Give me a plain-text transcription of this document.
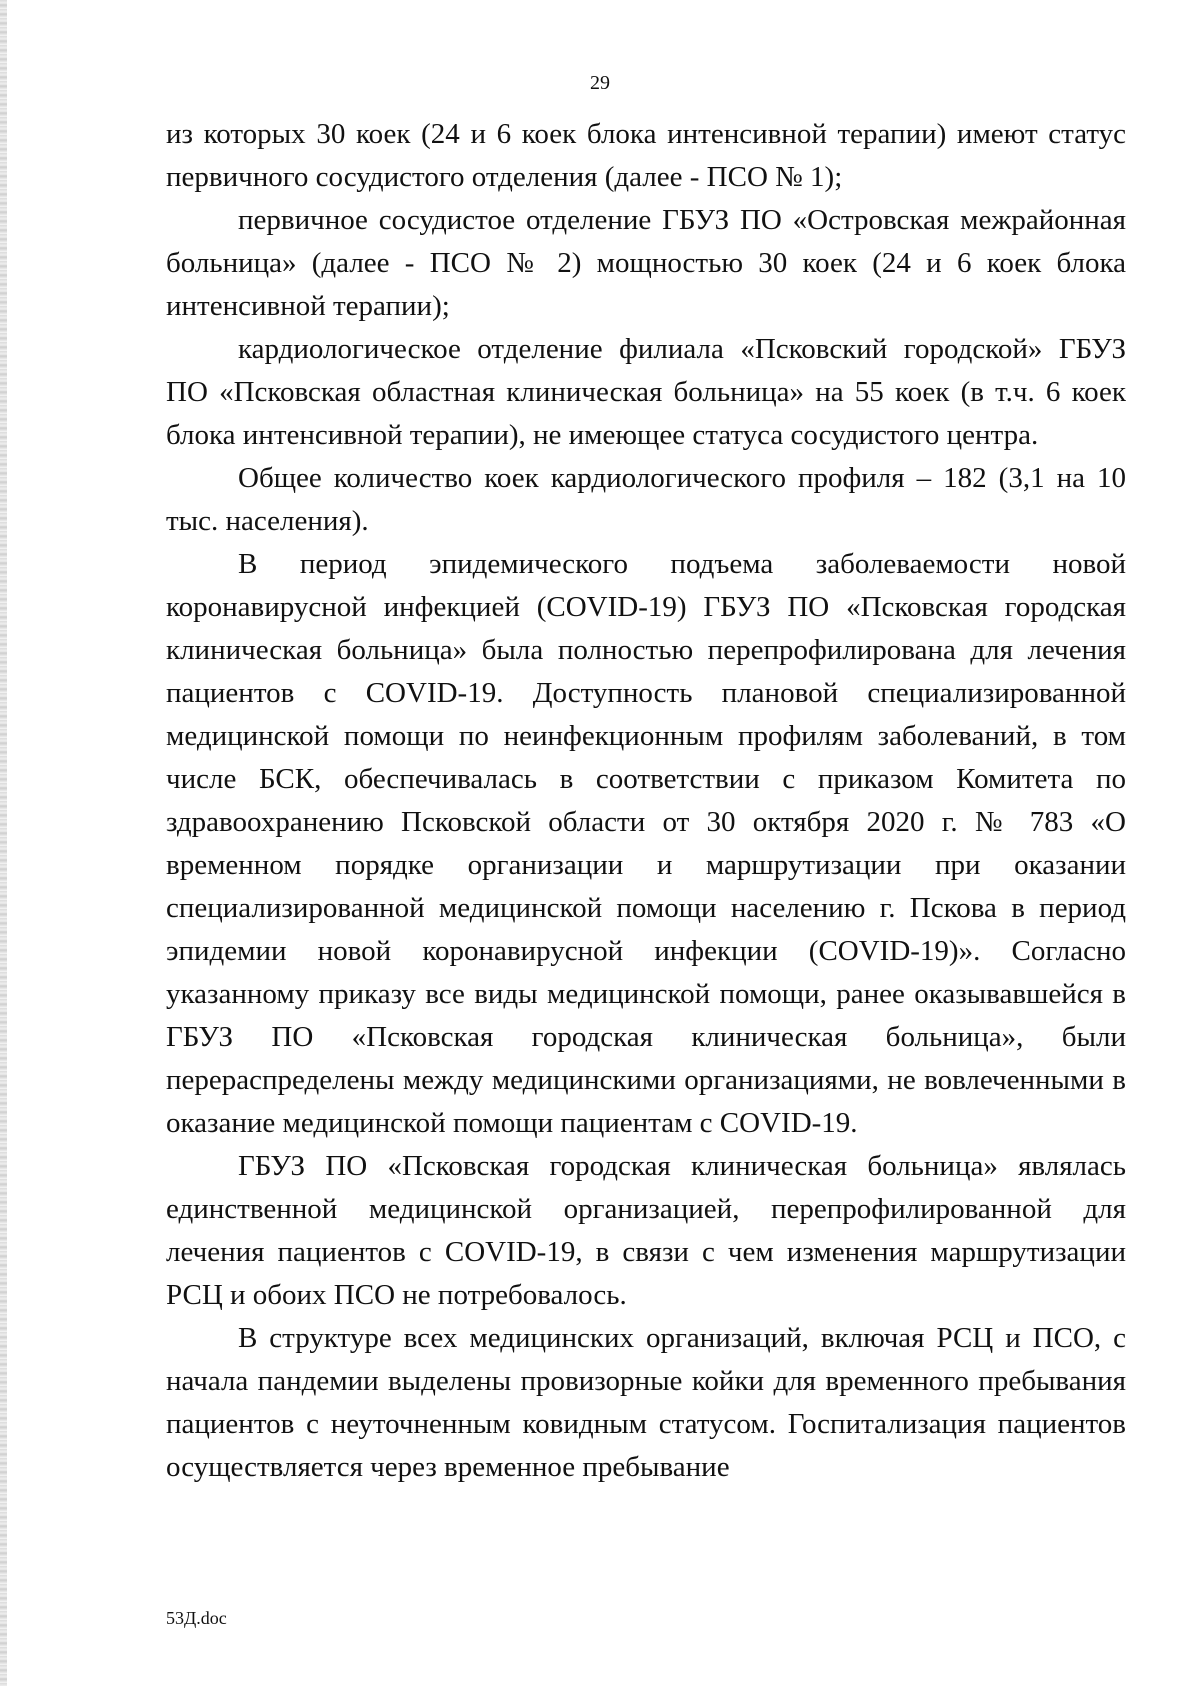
29

из которых 30 коек (24 и 6 коек блока интенсивной терапии) имеют статус первичного сосудистого отделения (далее - ПСО № 1);

первичное сосудистое отделение ГБУЗ ПО «Островская межрайонная больница» (далее - ПСО № 2) мощностью 30 коек (24 и 6 коек блока интенсивной терапии);

кардиологическое отделение филиала «Псковский городской» ГБУЗ ПО «Псковская областная клиническая больница» на 55 коек (в т.ч. 6 коек блока интенсивной терапии), не имеющее статуса сосудистого центра.

Общее количество коек кардиологического профиля – 182 (3,1 на 10 тыс. населения).

В период эпидемического подъема заболеваемости новой коронавирусной инфекцией (COVID-19) ГБУЗ ПО «Псковская городская клиническая больница» была полностью перепрофилирована для лечения пациентов с COVID-19. Доступность плановой специализированной медицинской помощи по неинфекционным профилям заболеваний, в том числе БСК, обеспечивалась в соответствии с приказом Комитета по здравоохранению Псковской области от 30 октября 2020 г. № 783 «О временном порядке организации и маршрутизации при оказании специализированной медицинской помощи населению г. Пскова в период эпидемии новой коронавирусной инфекции (COVID-19)». Согласно указанному приказу все виды медицинской помощи, ранее оказывавшейся в ГБУЗ ПО «Псковская городская клиническая больница», были перераспределены между медицинскими организациями, не вовлеченными в оказание медицинской помощи пациентам с COVID-19.

ГБУЗ ПО «Псковская городская клиническая больница» являлась единственной медицинской организацией, перепрофилированной для лечения пациентов с COVID-19, в связи с чем изменения маршрутизации РСЦ и обоих ПСО не потребовалось.

В структуре всех медицинских организаций, включая РСЦ и ПСО, с начала пандемии выделены провизорные койки для временного пребывания пациентов с неуточненным ковидным статусом. Госпитализация пациентов осуществляется через временное пребывание

53Д.doc
